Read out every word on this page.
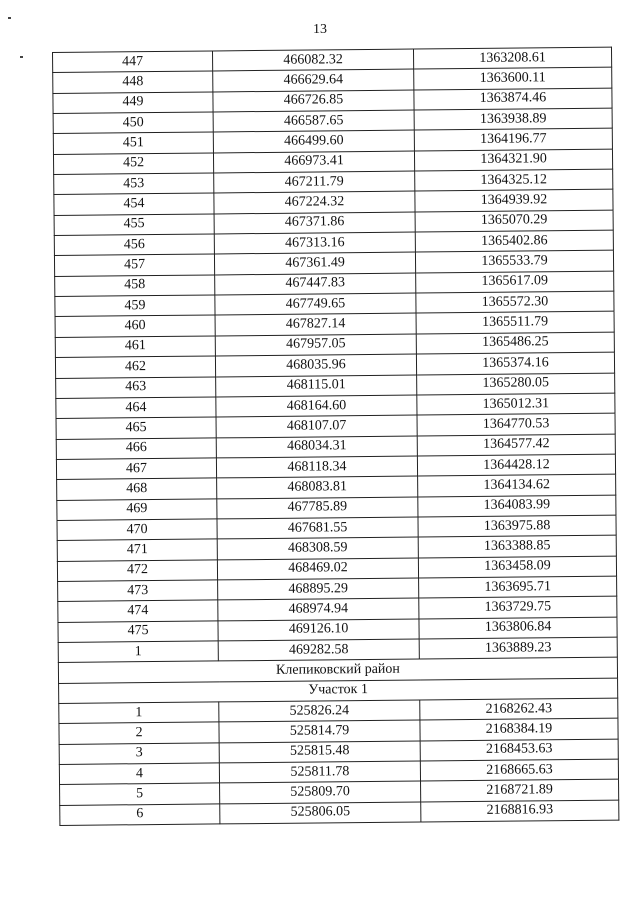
13
447	466082.32	1363208.61
448	466629.64	1363600.11
449	466726.85	1363874.46
450	466587.65	1363938.89
451	466499.60	1364196.77
452	466973.41	1364321.90
453	467211.79	1364325.12
454	467224.32	1364939.92
455	467371.86	1365070.29
456	467313.16	1365402.86
457	467361.49	1365533.79
458	467447.83	1365617.09
459	467749.65	1365572.30
460	467827.14	1365511.79
461	467957.05	1365486.25
462	468035.96	1365374.16
463	468115.01	1365280.05
464	468164.60	1365012.31
465	468107.07	1364770.53
466	468034.31	1364577.42
467	468118.34	1364428.12
468	468083.81	1364134.62
469	467785.89	1364083.99
470	467681.55	1363975.88
471	468308.59	1363388.85
472	468469.02	1363458.09
473	468895.29	1363695.71
474	468974.94	1363729.75
475	469126.10	1363806.84
1	469282.58	1363889.23
Клепиковский район		
Участок 1		
1	525826.24	2168262.43
2	525814.79	2168384.19
3	525815.48	2168453.63
4	525811.78	2168665.63
5	525809.70	2168721.89
6	525806.05	2168816.93
